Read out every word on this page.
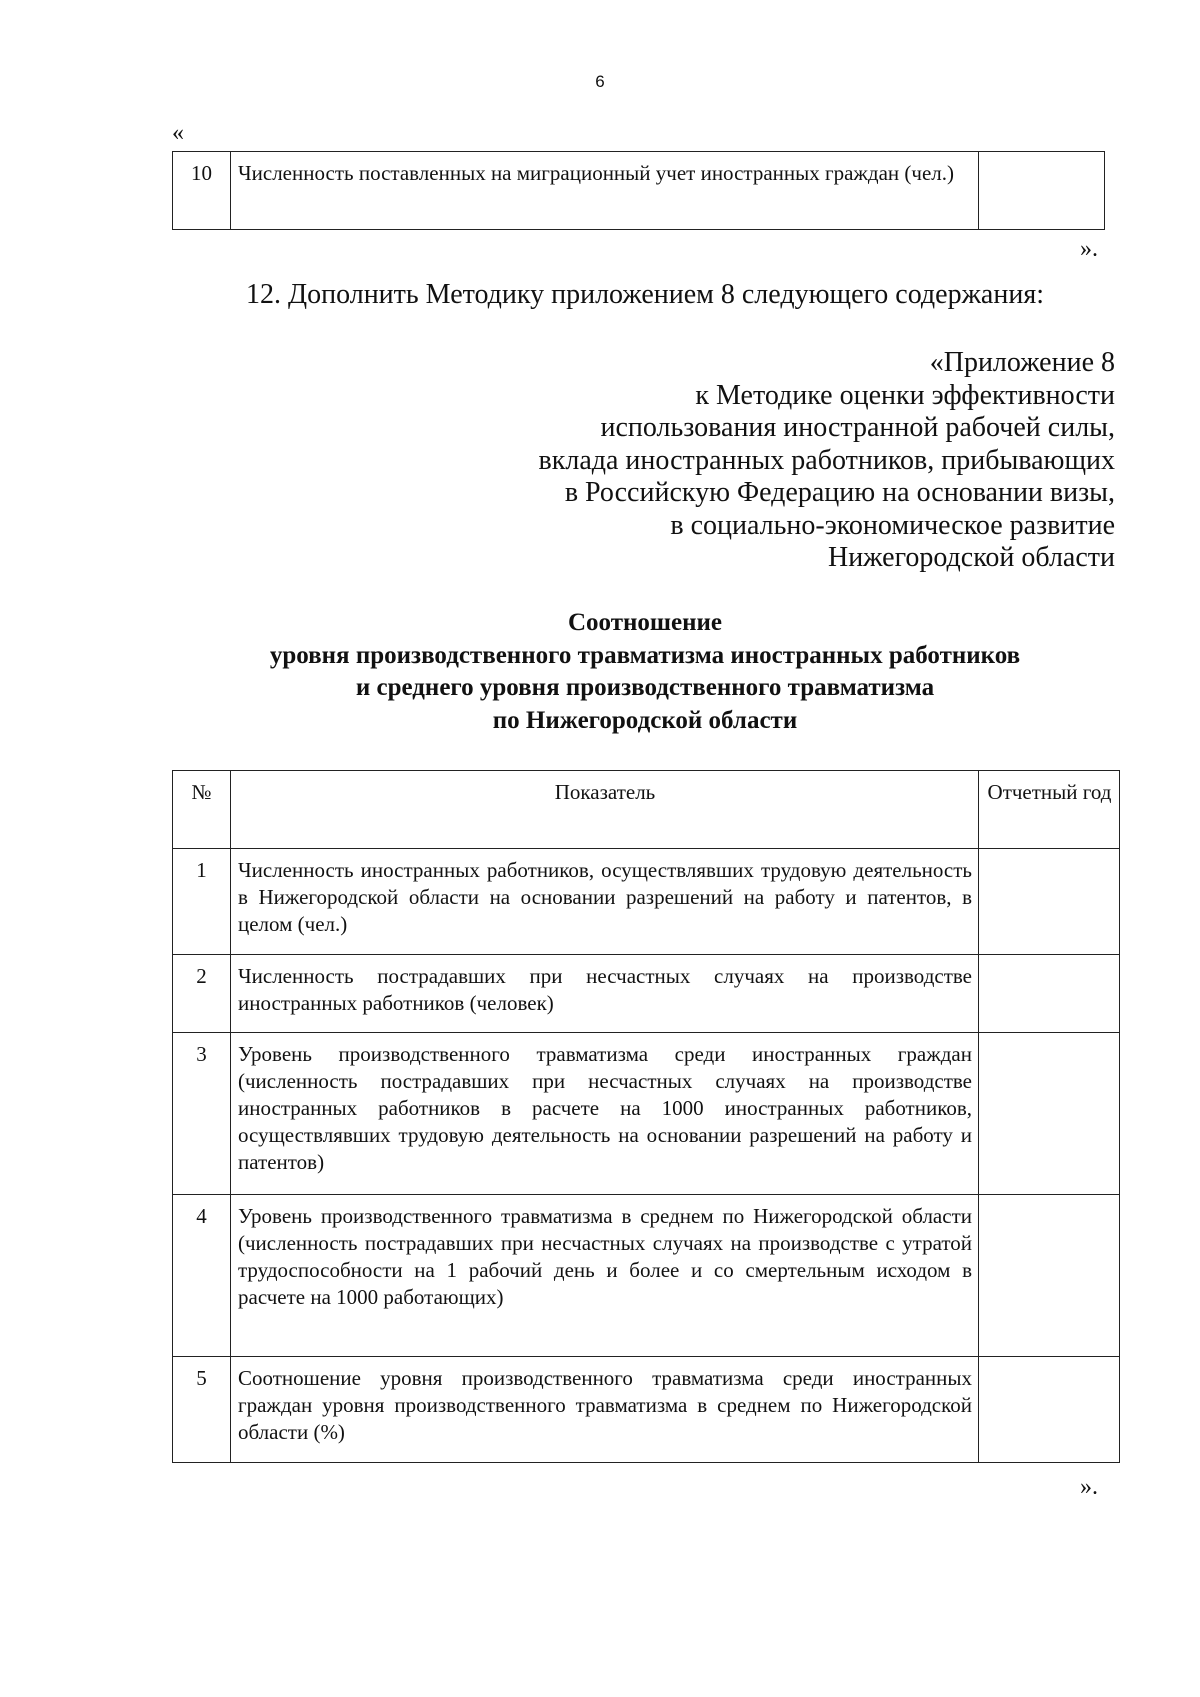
6
«
10	Численность поставленных на миграционный учет иностранных граждан (чел.)	
».
12. Дополнить Методику приложением 8 следующего содержания:
«Приложение 8
к Методике оценки эффективности
использования иностранной рабочей силы,
вклада иностранных работников, прибывающих
в Российскую Федерацию на основании визы,
в социально-экономическое развитие
Нижегородской области
Соотношение
уровня производственного травматизма иностранных работников
и среднего уровня производственного травматизма
по Нижегородской области
№	Показатель	Отчетный год
1	Численность иностранных работников, осуществлявших трудовую деятельность в Нижегородской области на основании разрешений на работу и патентов, в целом (чел.)	
2	Численность пострадавших при несчастных случаях на производстве иностранных работников (человек)	
3	Уровень производственного травматизма среди иностранных граждан (численность пострадавших при несчастных случаях на производстве иностранных работников в расчете на 1000 иностранных работников, осуществлявших трудовую деятельность на основании разрешений на работу и патентов)	
4	Уровень производственного травматизма в среднем по Нижегородской области (численность пострадавших при несчастных случаях на производстве с утратой трудоспособности на 1 рабочий день и более и со смертельным исходом в расчете на 1000 работающих)	
5	Соотношение уровня производственного травматизма среди иностранных граждан уровня производственного травматизма в среднем по Нижегородской области (%)	
».
